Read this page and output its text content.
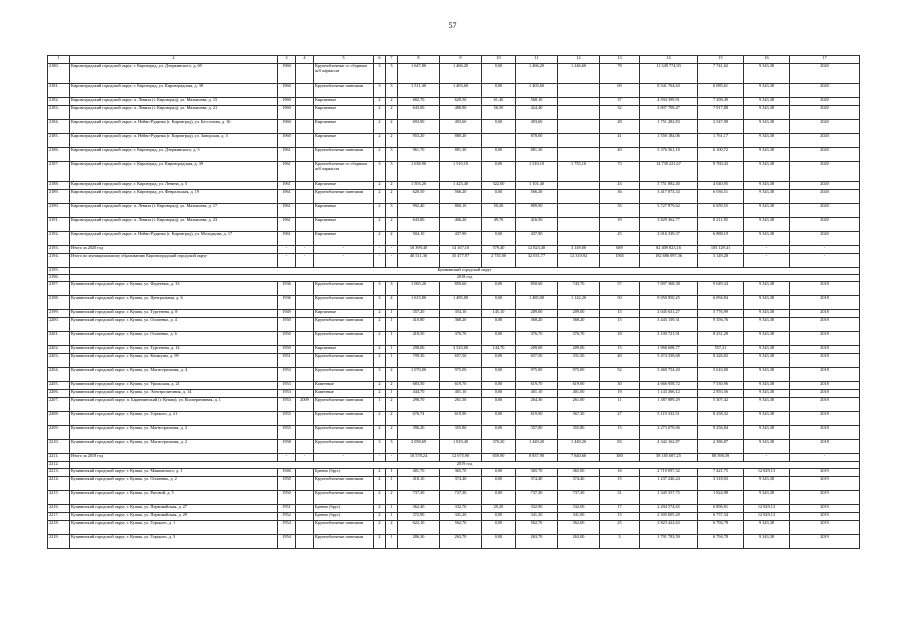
57
1	2	3	4	5	6	7	8	9	10	11	12	13	14	15	16	17
2180.	Кировоградский городской округ, г. Кировград, ул. Дзержинского, д. 69	1960		Крупноблочные со сборным ж/б каркасом	3	3	1 647,80	1 466,20	0,00	1 466,20	1 246,60	78	11 349 774,93	7 741,62	9 343,38	2020
2181.	Кировоградский городской округ, г. Кировград, ул. Кировградская, д. 38	1960		Крупноблочные панелями	3	3	1 511,40	1 403,60	0,00	1 403,60		69	8 541 764,63	6 085,61	9 343,38	2020
2182.	Кировоградский городской округ, п. Левиха (г. Кировград), ул. Малышева, д. 15	1960		Кирпичные	2	2	682,70	629,50	61,40	568,10		37	4 594 399,91	7 298,49	9 343,38	2020
2183.	Кировоградский городской округ, п. Левиха (г. Кировград), ул. Малышева, д. 21	1960		Кирпичные	2	2	643,00	480,90	56,50	424,40		32	3 807 708,47	7 917,88	9 343,38	2020
2184.	Кировоградский городской округ, п. Нейво-Рудянка (г. Кировград), ул. Бессонова, д. 16	1960		Кирпичные	2	2	693,90	493,60	0,00	493,60		28	1 751 282,83	3 547,98	9 343,38	2020
2185.	Кировоградский городской округ, п. Нейво-Рудянка (г. Кировград), ул. Заводская, д. 3	1960		Кирпичные	2	2	953,20	880,20		878,00		41	1 550 184,06	1 761,17	9 343,38	2020
2186.	Кировоградский городской округ, г. Кировград, ул. Дзержинского, д. 5	1961		Крупноблочные панелями	2	3	961,70	881,30	0,00	881,30		40	5 376 561,18	6 100,72	9 343,38	2020
2187.	Кировоградский городской округ, г. Кировград, ул. Кировградская, д. 39	1961		Крупноблочные со сборным ж/б каркасом	3	3	1 638,90	1 510,10	0,00	1 510,10	1 755,10	73	14 739 221,67	9 760,43	9 343,38	2020
2188.	Кировоградский городской округ, г. Кировград, ул. Ленина, д. 5	1961		Кирпичные	2	2	1 503,20	1 423,40	322,00	1 101,40		43	5 751 882,40	4 040,95	9 343,38	2020
2189.	Кировоградский городской округ, г. Кировград, ул. Февральская, д. 19	1961		Крупноблочные панелями	2	2	620,50	566,20	0,00	566,20		36	3 417 873,33	6 036,51	9 343,38	2020
2190.	Кировоградский городской округ, п. Левиха (г. Кировград), ул. Малышева, д. 17	1961		Кирпичные	2	3	992,40	860,10	50,20	809,90		35	5 727 879,62	6 659,55	9 343,38	2020
2191.	Кировоградский городской округ, п. Левиха (г. Кировград), ул. Малышева, д. 23	1961		Кирпичные	2	2	643,80	466,20	49,70	416,50		19	3 829 362,77	8 211,85	9 343,38	2020
2192.	Кировоградский городской округ, п. Нейво-Рудянка (г. Кировград), ул. Молодцова, д. 17	1961		Кирпичные	2	2	504,10	437,90	0,00	437,90		25	3 016 339,37	6 888,19	9 343,38	2020
2193.	Итого за 2020 год	-	-	-	-	-	16 399,40	14 167,10	579,40	12 823,40	3 149,00	689	82 409 823,16	105 129,41	-	-
2194.	Итого по муниципальному образованию Кировоградский городской округ	-	-	-	-	-	40 511,36	35 477,97	2 735,00	32 031,77	12 310,92	1565	182 686 097,36	5 149,28	-	-
2195.	Кушвинский городской округ															
2196.	2018 год															
2197.	Кушвинский городской округ, г. Кушва, ул. Фадеевых, д. 33	1936		Крупноблочные панелями	3	3	1 065,20	850,60	0,00	850,60	743,70	57	7 697 368,38	9 049,34	9 343,38	2018
2198.	Кушвинский городской округ, г. Кушва, ул. Центральная, д. 6	1936		Крупноблочные панелями	3	4	1 615,80	1 485,00	0,00	1 485,00	1 142,20	50	9 050 850,25	6 094,84	9 343,38	2018
2199.	Кушвинский городской округ, г. Кушва, ул. Тургенева, д. 8	1949		Кирпичные	2	1	357,20	354,10	145,10	209,00	209,00	15	2 045 631,27	5 776,99	9 343,38	2018
2200.	Кушвинский городской округ, г. Кушва, ул. Осипенко, д. 4	1950		Крупноблочные панелями	2	1	410,80	368,20	0,00	368,20	368,20	15	3 443 159,31	9 356,76	9 343,38	2018
2201.	Кушвинский городской округ, г. Кушва, ул. Осипенко, д. 6	1950		Крупноблочные панелями	2	1	418,50	376,70	0,00	376,70	376,70	18	3 100 721,91	8 231,28	9 343,38	2018
2202.	Кушвинский городской округ, г. Кушва, ул. Тургенева, д. 14	1950		Кирпичные	2	1	298,00	3 523,00	144,70	209,00	209,00	15	1 968 608,77	557,21	9 343,38	2018
2203.	Кушвинский городской округ, г. Кушва, ул. Коммуны, д. 99	1951		Крупноблочные панелями	2	1	709,30	657,50	0,00	657,50	331,50	40	5 474 338,68	8 326,02	9 343,38	2018
2204.	Кушвинский городской округ, г. Кушва, ул. Магистральная, д. 4	1953		Крупноблочные панелями	3	2	1 070,00	975,00	0,00	975,00	975,00	52	5 469 754,20	5 610,00	9 343,38	2018
2205.	Кушвинский городской округ, г. Кушва, ул. Уральская, д. 21	1953		Каменные	2	2	683,50	619,70	0,00	619,70	619,00	30	4 666 958,72	7 530,96	9 343,38	2018
2206.	Кушвинский городской округ, г. Кушва, ул. Электропитания, д. 14	1953		Каменные	2	1	444,70	401,10	0,00	401,10	401,00	19	1 143 366,12	2 855,56	9 343,38	2018
2207.	Кушвинский городской округ, п. Баранчинский (г. Кушва), ул. Кооперативная, д. 1	1953	2009	Крупноблочные панелями	1	2	296,70	261,50	0,00	264,30	261,00	11	1 387 889,29	5 307,42	9 343,38	2018
2208.	Кушвинский городской округ, г. Кушва, ул. Горького, д. 21	1955		Крупноблочные панелями	2	2	676,74	619,90	0,00	619,90	567,30	27	5 119 332,51	8 258,32	9 343,38	2018
2209.	Кушвинский городской округ, г. Кушва, ул. Магистральная, д. 3	1955		Крупноблочные панелями	2	2	396,20	355,80	0,00	357,80	355,80	15	3 273 070,06	9 256,84	9 343,38	2018
2210.	Кушвинский городской округ, г. Кушва, ул. Магистральная, д. 2	1958		Крупноблочные панелями	3	3	2 058,69	1 819,40	370,20	1 449,20	1 449,20	83	4 342 162,87	2 386,87	9 343,38	2018
2211.	Итого за 2018 год	-	-	-	-	-	10 578,24	12 675,90	659,90	8 837,90	7 840,60	380	58 185 687,25	88 598,39	-	-
2212.	2019 год															
2213.	Кушвинский городской округ, г. Кушва, ул. Маяковского, д. 1	1946		Бревно (брус)	2	1	401,70	365,70	0,00	365,70	365,00	16	2 719 097,32	7 421,75	12 829,13	2019
2214.	Кушвинский городской округ, г. Кушва, ул. Осипенко, д. 2	1950		Крупноблочные панелями	2	1	418,10	374,40	0,00	374,40	374,40	15	1 237 246,24	3 318,03	9 343,38	2019
2215.	Кушвинский городской округ, г. Кушва, ул. Рясовой, д. 5	1950		Крупноблочные панелями	2	2	737,30	737,30	0,00	737,30	737,30	31	1 345 557,75	1 824,98	9 343,38	2019
2216.	Кушвинский городской округ, г. Кушва, ул. Первомайская, д. 27	1951		Бревно (брус)	2	1	362,40	332,70	29,20	332,90	332,00	17	2 294 574,65	6 896,91	12 829,13	2019
2217.	Кушвинский городской округ, г. Кушва, ул. Первомайская, д. 29	1952		Бревно (брус)	2	1	372,90	341,20	0,00	341,20	341,00	15	2 305 605,29	6 757,34	12 829,13	2019
2218.	Кушвинский городской округ, г. Кушва, ул. Горького, д. 1	1954		Крупноблочные панелями	2	2	622,10	562,70	0,00	562,70	562,00	25	3 823 422,63	6 794,78	9 343,38	2019
2219.	Кушвинский городской округ, г. Кушва, ул. Горького, д. 3	1954		Крупноблочные панелями	2	1	286,30	263,70	0,00	263,70	263,00	3	1 791 783,59	6 794,78	9 343,38	2019
